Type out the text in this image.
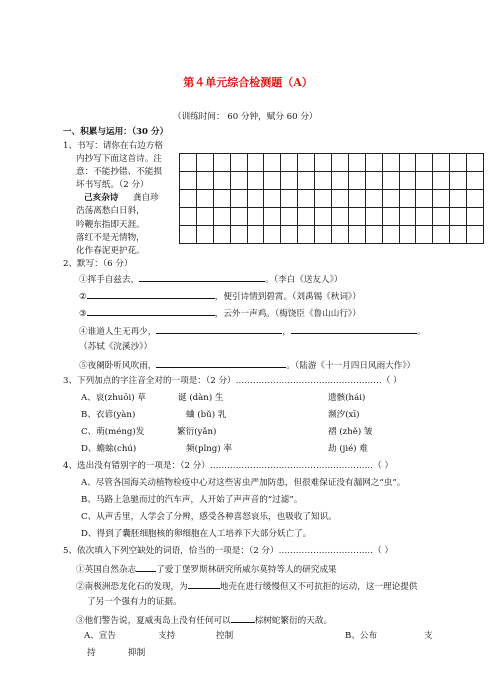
第４单元综合检测题（A）
（训练时间： 60 分钟，赋分 60 分）
一、积累与运用：（30 分）
1、书写：请你在右边方格
内抄写下面这首诗。注
意：不能抄错、不能损
坏书写纸。（2 分）
己亥杂诗 龚自珍
浩荡离愁白日斜，
吟鞭东指即天涯。
落红不是无情物，
化作春泥更护花。
2、默写：（6 分）
①挥手自兹去，	。（李白《送友人》）
②	，便引诗情到碧霄。（刘禹锡《秋词》）
③	，云外一声鸡。（梅饶臣《鲁山山行》）
④谁道人生无再少，	，	。
（苏轼《浣溪沙》）
⑤夜阑卧听风吹雨，	。（陆游《十一月四日风雨大作》）
3、下列加点的字注音全对的一项是：（2 分）……………………………………………（ ）
A、哀(zhuōi) 草	诞 (dàn) 生	遗骸(hái)
B、衣谚(yàn)	蛐 (bǔ) 乳	濒汐(xī)
C、萌(méng)发	繁衍(yǎn)	褶 (zhě) 皱
D、蟾蜍(chú)	频(pǐng) 率	劫 (jié) 难
4、选出没有错别字的一项是：（2 分）…………………………………………………（ ）
A、尽管各国海关动植物检疫中心对这些害虫严加防患，但很难保证没有漏网之“虫”。
B、马路上急驰而过的汽车声，人开始了声声音的“过滤”。
C、从声舌里，人学会了分辨，感受各种喜怒哀乐，也吸收了知识。
D、得到了囊胚细胞核的卵细胞在人工培养下大部分妖亡了。
5、依次填入下列空缺处的词语，恰当的一项是：（2 分）……………………………（ ）
①英国自然杂志 了爱丁堡罗斯林研究所威尔莫特等人的研究成果
②南极洲恐龙化石的发现，为	地壳在进行缓慢但又不可抗拒的运动，这一理论提供
了另一个强有力的证据。
③他们警告说，夏威夷岛上没有任何可以	棕树蛇繁衍的天敌。
A、宣告	支持	控制	B、公布	支
持	抑制
